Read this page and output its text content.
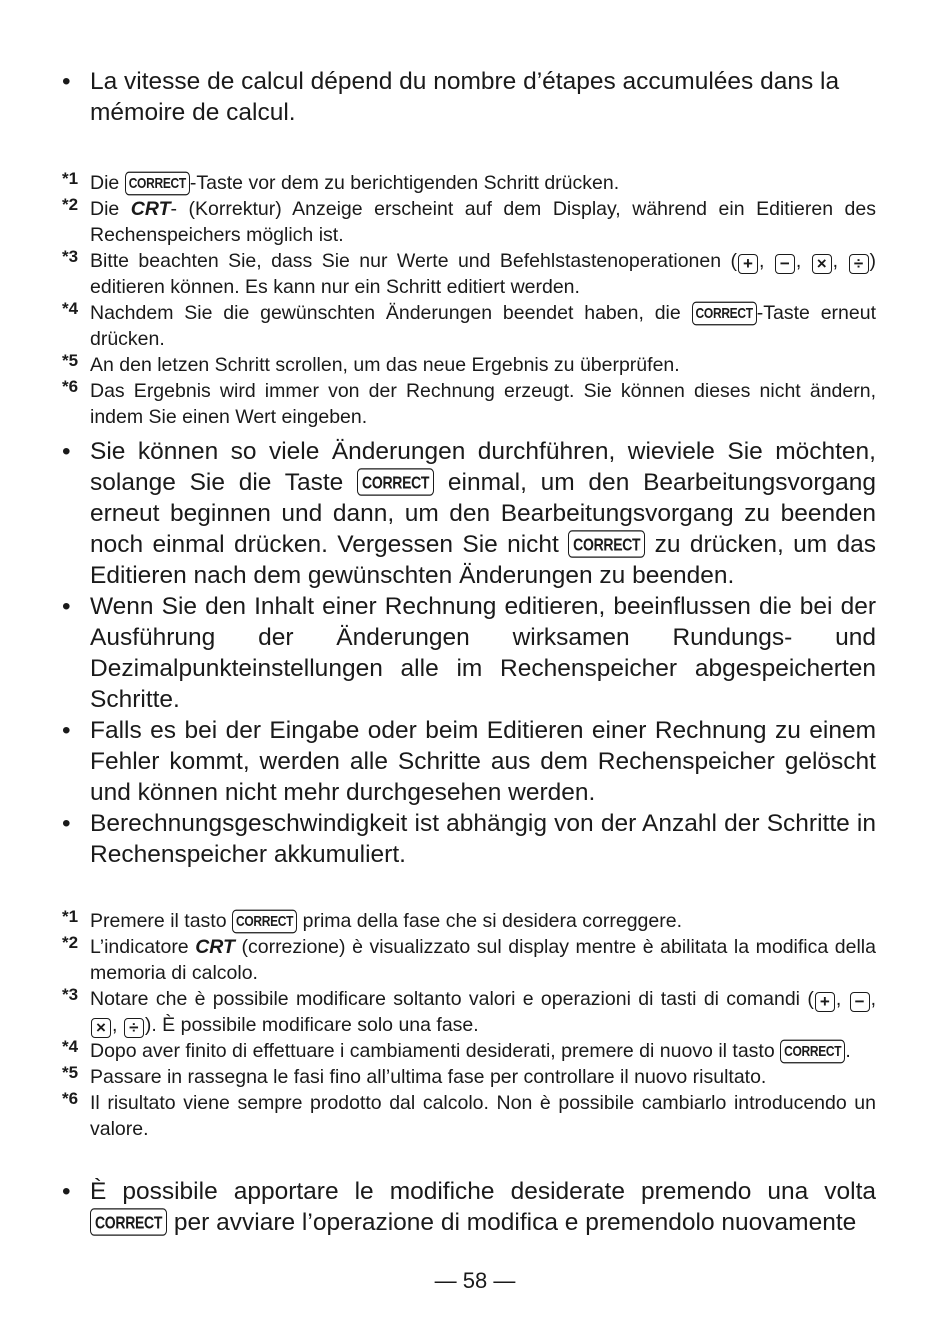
• La vitesse de calcul dépend du nombre d’étapes accumulées dans la
mémoire de calcul.
*1 Die CORRECT -Taste vor dem zu berichtigenden Schritt drücken.
*2 Die CRT- (Korrektur) Anzeige erscheint auf dem Display, während ein Editieren des Rechenspeichers möglich ist.
*3 Bitte beachten Sie, dass Sie nur Werte und Befehlstastenoperationen ( + , − , × , ÷ ) editieren können. Es kann nur ein Schritt editiert werden.
*4 Nachdem Sie die gewünschten Änderungen beendet haben, die CORRECT -Taste erneut drücken.
*5 An den letzen Schritt scrollen, um das neue Ergebnis zu überprüfen.
*6 Das Ergebnis wird immer von der Rechnung erzeugt. Sie können dieses nicht ändern, indem Sie einen Wert eingeben.
• Sie können so viele Änderungen durchführen, wieviele Sie möchten, solange Sie die Taste CORRECT einmal, um den Bearbeitungsvorgang erneut beginnen und dann, um den Bearbeitungsvorgang zu beenden noch einmal drücken. Vergessen Sie nicht CORRECT zu drücken, um das Editieren nach dem gewünschten Änderungen zu beenden.
• Wenn Sie den Inhalt einer Rechnung editieren, beeinflussen die bei der Ausführung der Änderungen wirksamen Rundungs- und Dezimalpunkteinstellungen alle im Rechenspeicher abgespeicherten Schritte.
• Falls es bei der Eingabe oder beim Editieren einer Rechnung zu einem Fehler kommt, werden alle Schritte aus dem Rechenspeicher gelöscht und können nicht mehr durchgesehen werden.
• Berechnungsgeschwindigkeit ist abhängig von der Anzahl der Schritte in Rechenspeicher akkumuliert.
*1 Premere il tasto CORRECT prima della fase che si desidera correggere.
*2 L’indicatore CRT (correzione) è visualizzato sul display mentre è abilitata la modifica della memoria di calcolo.
*3 Notare che è possibile modificare soltanto valori e operazioni di tasti di comandi ( + , − , × , ÷ ). È possibile modificare solo una fase.
*4 Dopo aver finito di effettuare i cambiamenti desiderati, premere di nuovo il tasto CORRECT .
*5 Passare in rassegna le fasi fino all’ultima fase per controllare il nuovo risultato.
*6 Il risultato viene sempre prodotto dal calcolo. Non è possibile cambiarlo introducendo un valore.
• È possibile apportare le modifiche desiderate premendo una volta CORRECT per avviare l’operazione di modifica e premendolo nuovamente
— 58 —
